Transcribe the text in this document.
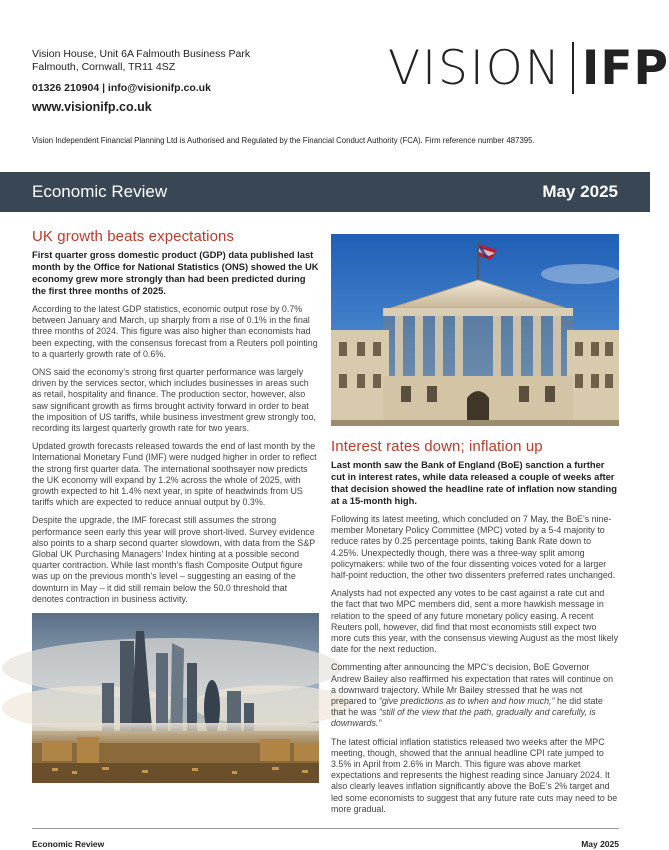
Vision House, Unit 6A Falmouth Business Park
Falmouth, Cornwall, TR11 4SZ
01326 210904 | info@visionifp.co.uk
www.visionifp.co.uk
VISION IFP
Vision Independent Financial Planning Ltd is Authorised and Regulated by the Financial Conduct Authority (FCA). Firm reference number 487395.
Economic Review	May 2025
UK growth beats expectations

First quarter gross domestic product (GDP) data published last month by the Office for National Statistics (ONS) showed the UK economy grew more strongly than had been predicted during the first three months of 2025.

According to the latest GDP statistics, economic output rose by 0.7% between January and March, up sharply from a rise of 0.1% in the final three months of 2024. This figure was also higher than economists had been expecting, with the consensus forecast from a Reuters poll pointing to a quarterly growth rate of 0.6%.

ONS said the economy’s strong first quarter performance was largely driven by the services sector, which includes businesses in areas such as retail, hospitality and finance. The production sector, however, also saw significant growth as firms brought activity forward in order to beat the imposition of US tariffs, while business investment grew strongly too, recording its largest quarterly growth rate for two years.

Updated growth forecasts released towards the end of last month by the International Monetary Fund (IMF) were nudged higher in order to reflect the strong first quarter data. The international soothsayer now predicts the UK economy will expand by 1.2% across the whole of 2025, with growth expected to hit 1.4% next year, in spite of headwinds from US tariffs which are expected to reduce annual output by 0.3%.

Despite the upgrade, the IMF forecast still assumes the strong performance seen early this year will prove short-lived. Survey evidence also points to a sharp second quarter slowdown, with data from the S&P Global UK Purchasing Managers’ Index hinting at a possible second quarter contraction. While last month’s flash Composite Output figure was up on the previous month’s level – suggesting an easing of the downturn in May – it did still remain below the 50.0 threshold that denotes contraction in business activity.

Interest rates down; inflation up

Last month saw the Bank of England (BoE) sanction a further cut in interest rates, while data released a couple of weeks after that decision showed the headline rate of inflation now standing at a 15-month high.

Following its latest meeting, which concluded on 7 May, the BoE’s nine-member Monetary Policy Committee (MPC) voted by a 5-4 majority to reduce rates by 0.25 percentage points, taking Bank Rate down to 4.25%. Unexpectedly though, there was a three-way split among policymakers: while two of the four dissenting voices voted for a larger half-point reduction, the other two dissenters preferred rates unchanged.

Analysts had not expected any votes to be cast against a rate cut and the fact that two MPC members did, sent a more hawkish message in relation to the speed of any future monetary policy easing. A recent Reuters poll, however, did find that most economists still expect two more cuts this year, with the consensus viewing August as the most likely date for the next reduction.

Commenting after announcing the MPC’s decision, BoE Governor Andrew Bailey also reaffirmed his expectation that rates will continue on a downward trajectory. While Mr Bailey stressed that he was not prepared to “give predictions as to when and how much,” he did state that he was “still of the view that the path, gradually and carefully, is downwards.”

The latest official inflation statistics released two weeks after the MPC meeting, though, showed that the annual headline CPI rate jumped to 3.5% in April from 2.6% in March. This figure was above market expectations and represents the highest reading since January 2024. It also clearly leaves inflation significantly above the BoE’s 2% target and led some economists to suggest that any future rate cuts may need to be more gradual.

Economic Review	May 2025
